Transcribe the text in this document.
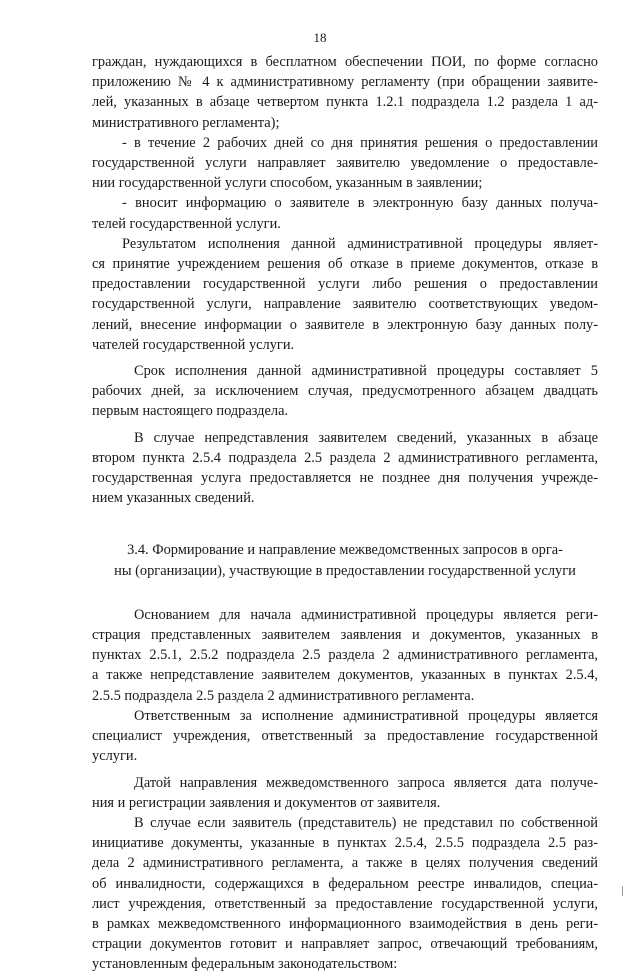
18
граждан, нуждающихся в бесплатном обеспечении ПОИ, по форме согласно
приложению № 4 к административному регламенту (при обращении заявите-
лей, указанных в абзаце четвертом пункта 1.2.1 подраздела 1.2 раздела 1 ад-
министративного регламента);
- в течение 2 рабочих дней со дня принятия решения о предоставлении
государственной услуги направляет заявителю уведомление о предоставле-
нии государственной услуги способом, указанным в заявлении;
- вносит информацию о заявителе в электронную базу данных получа-
телей государственной услуги.
Результатом исполнения данной административной процедуры являет-
ся принятие учреждением решения об отказе в приеме документов, отказе в
предоставлении государственной услуги либо решения о предоставлении
государственной услуги, направление заявителю соответствующих уведом-
лений, внесение информации о заявителе в электронную базу данных полу-
чателей государственной услуги.
Срок исполнения данной административной процедуры составляет 5
рабочих дней, за исключением случая, предусмотренного абзацем двадцать
первым настоящего подраздела.
В случае непредставления заявителем сведений, указанных в абзаце
втором пункта 2.5.4 подраздела 2.5 раздела 2 административного регламента,
государственная услуга предоставляется не позднее дня получения учрежде-
нием указанных сведений.
3.4. Формирование и направление межведомственных запросов в орга-
ны (организации), участвующие в предоставлении государственной услуги
Основанием для начала административной процедуры является реги-
страция представленных заявителем заявления и документов, указанных в
пунктах 2.5.1, 2.5.2 подраздела 2.5 раздела 2 административного регламента,
а также непредставление заявителем документов, указанных в пунктах 2.5.4,
2.5.5 подраздела 2.5 раздела 2 административного регламента.
Ответственным за исполнение административной процедуры является
специалист учреждения, ответственный за предоставление государственной
услуги.
Датой направления межведомственного запроса является дата получе-
ния и регистрации заявления и документов от заявителя.
В случае если заявитель (представитель) не представил по собственной
инициативе документы, указанные в пунктах 2.5.4, 2.5.5 подраздела 2.5 раз-
дела 2 административного регламента, а также в целях получения сведений
об инвалидности, содержащихся в федеральном реестре инвалидов, специа-
лист учреждения, ответственный за предоставление государственной услуги,
в рамках межведомственного информационного взаимодействия в день реги-
страции документов готовит и направляет запрос, отвечающий требованиям,
установленным федеральным законодательством:
